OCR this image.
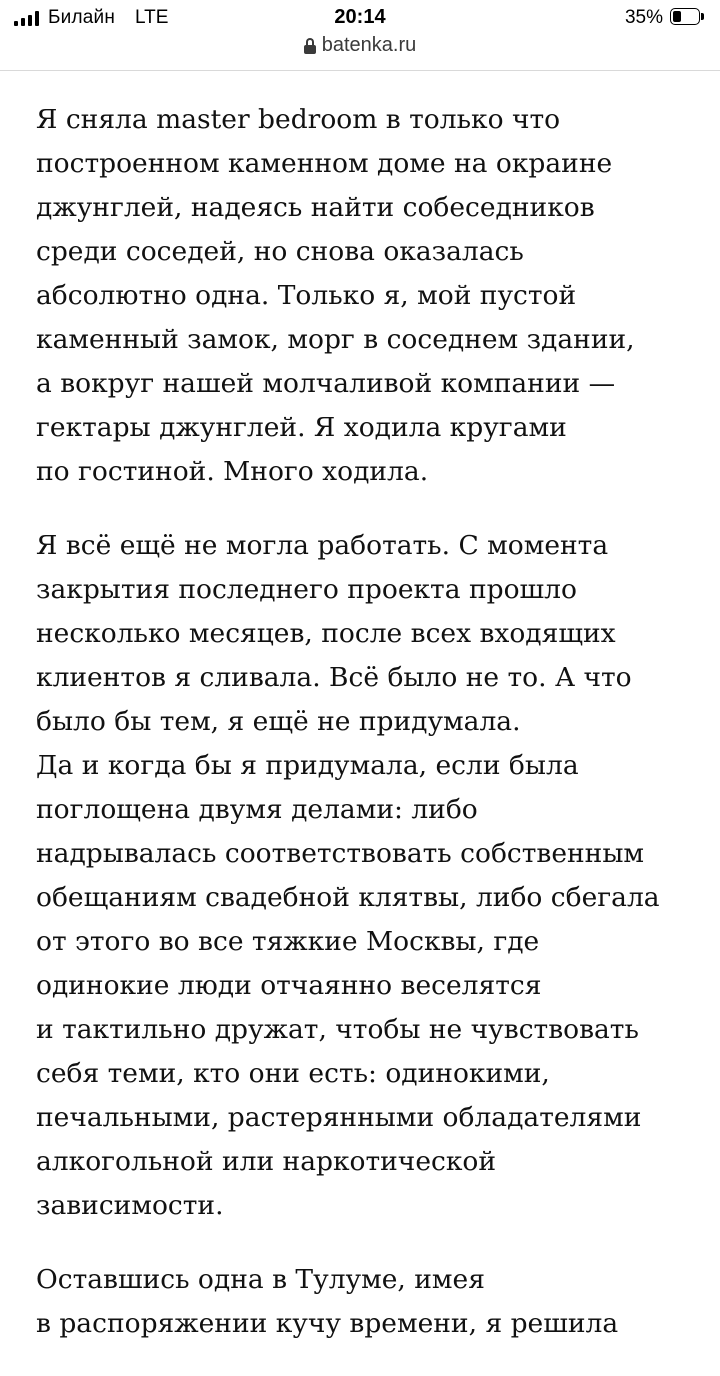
Билайн LTE	20:14	35%
batenka.ru

Я сняла master bedroom в только что
построенном каменном доме на окраине
джунглей, надеясь найти собеседников
среди соседей, но снова оказалась
абсолютно одна. Только я, мой пустой
каменный замок, морг в соседнем здании,
а вокруг нашей молчаливой компании —
гектары джунглей. Я ходила кругами
по гостиной. Много ходила.

Я всё ещё не могла работать. С момента
закрытия последнего проекта прошло
несколько месяцев, после всех входящих
клиентов я сливала. Всё было не то. А что
было бы тем, я ещё не придумала.
Да и когда бы я придумала, если была
поглощена двумя делами: либо
надрывалась соответствовать собственным
обещаниям свадебной клятвы, либо сбегала
от этого во все тяжкие Москвы, где
одинокие люди отчаянно веселятся
и тактильно дружат, чтобы не чувствовать
себя теми, кто они есть: одинокими,
печальными, растерянными обладателями
алкогольной или наркотической
зависимости.

Оставшись одна в Тулуме, имея
в распоряжении кучу времени, я решила
